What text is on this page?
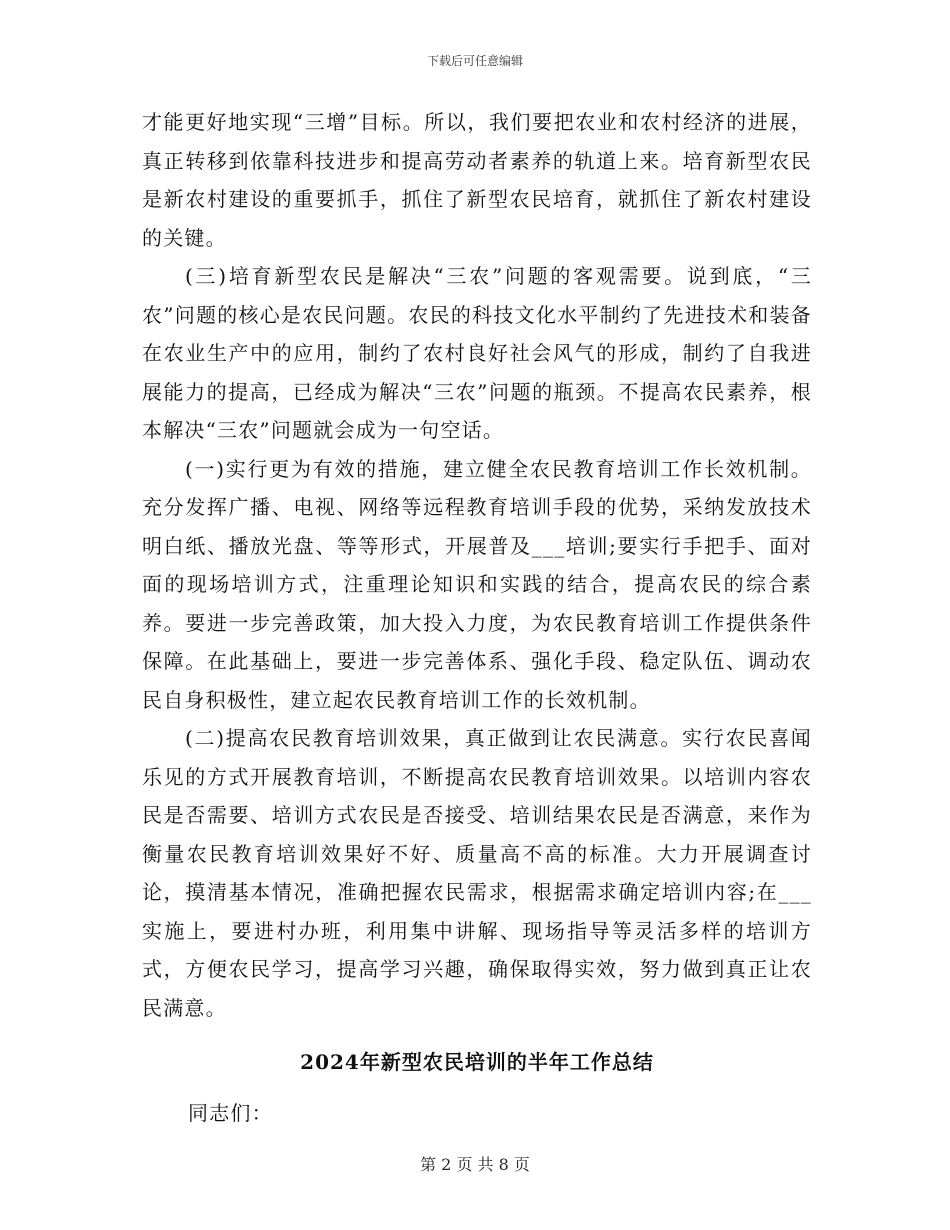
下载后可任意编辑

才能更好地实现“三增”目标。所以，我们要把农业和农村经济的进展，真正转移到依靠科技进步和提高劳动者素养的轨道上来。培育新型农民是新农村建设的重要抓手，抓住了新型农民培育，就抓住了新农村建设的关键。

(三)培育新型农民是解决“三农”问题的客观需要。说到底，“三农”问题的核心是农民问题。农民的科技文化水平制约了先进技术和装备在农业生产中的应用，制约了农村良好社会风气的形成，制约了自我进展能力的提高，已经成为解决“三农”问题的瓶颈。不提高农民素养，根本解决“三农”问题就会成为一句空话。

(一)实行更为有效的措施，建立健全农民教育培训工作长效机制。充分发挥广播、电视、网络等远程教育培训手段的优势，采纳发放技术明白纸、播放光盘、等等形式，开展普及___培训;要实行手把手、面对面的现场培训方式，注重理论知识和实践的结合，提高农民的综合素养。要进一步完善政策，加大投入力度，为农民教育培训工作提供条件保障。在此基础上，要进一步完善体系、强化手段、稳定队伍、调动农民自身积极性，建立起农民教育培训工作的长效机制。

(二)提高农民教育培训效果，真正做到让农民满意。实行农民喜闻乐见的方式开展教育培训，不断提高农民教育培训效果。以培训内容农民是否需要、培训方式农民是否接受、培训结果农民是否满意，来作为衡量农民教育培训效果好不好、质量高不高的标准。大力开展调查讨论，摸清基本情况，准确把握农民需求，根据需求确定培训内容;在___实施上，要进村办班，利用集中讲解、现场指导等灵活多样的培训方式，方便农民学习，提高学习兴趣，确保取得实效，努力做到真正让农民满意。

2024年新型农民培训的半年工作总结

同志们：

第 2 页 共 8 页
